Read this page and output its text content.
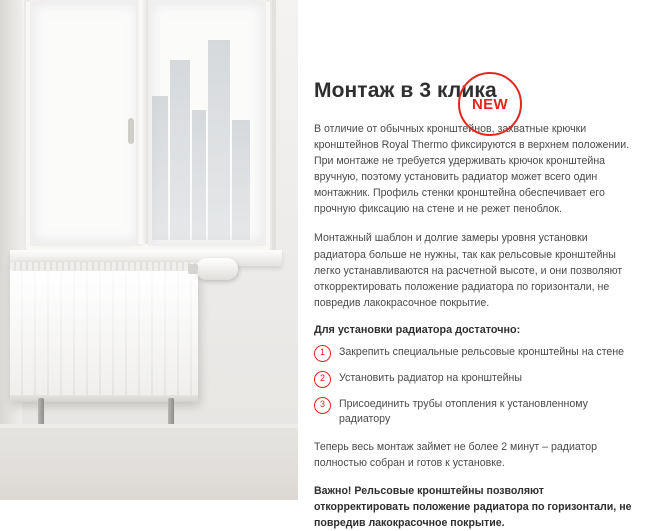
Монтаж в 3 клика
NEW

В отличие от обычных кронштейнов, захватные крючки кронштейнов Royal Thermo фиксируются в верхнем положении. При монтаже не требуется удерживать крючок кронштейна вручную, поэтому установить радиатор может всего один монтажник. Профиль стенки кронштейна обеспечивает его прочную фиксацию на стене и не режет пеноблок.

Монтажный шаблон и долгие замеры уровня установки радиатора больше не нужны, так как рельсовые кронштейны легко устанавливаются на расчетной высоте, и они позволяют откорректировать положение радиатора по горизонтали, не повредив лакокрасочное покрытие.

Для установки радиатора достаточно:
1	Закрепить специальные рельсовые кронштейны на стене
2	Установить радиатор на кронштейны
3	Присоединить трубы отопления к установленному радиатору

Теперь весь монтаж займет не более 2 минут – радиатор полностью собран и готов к установке.

Важно! Рельсовые кронштейны позволяют откорректировать положение радиатора по горизонтали, не повредив лакокрасочное покрытие.
